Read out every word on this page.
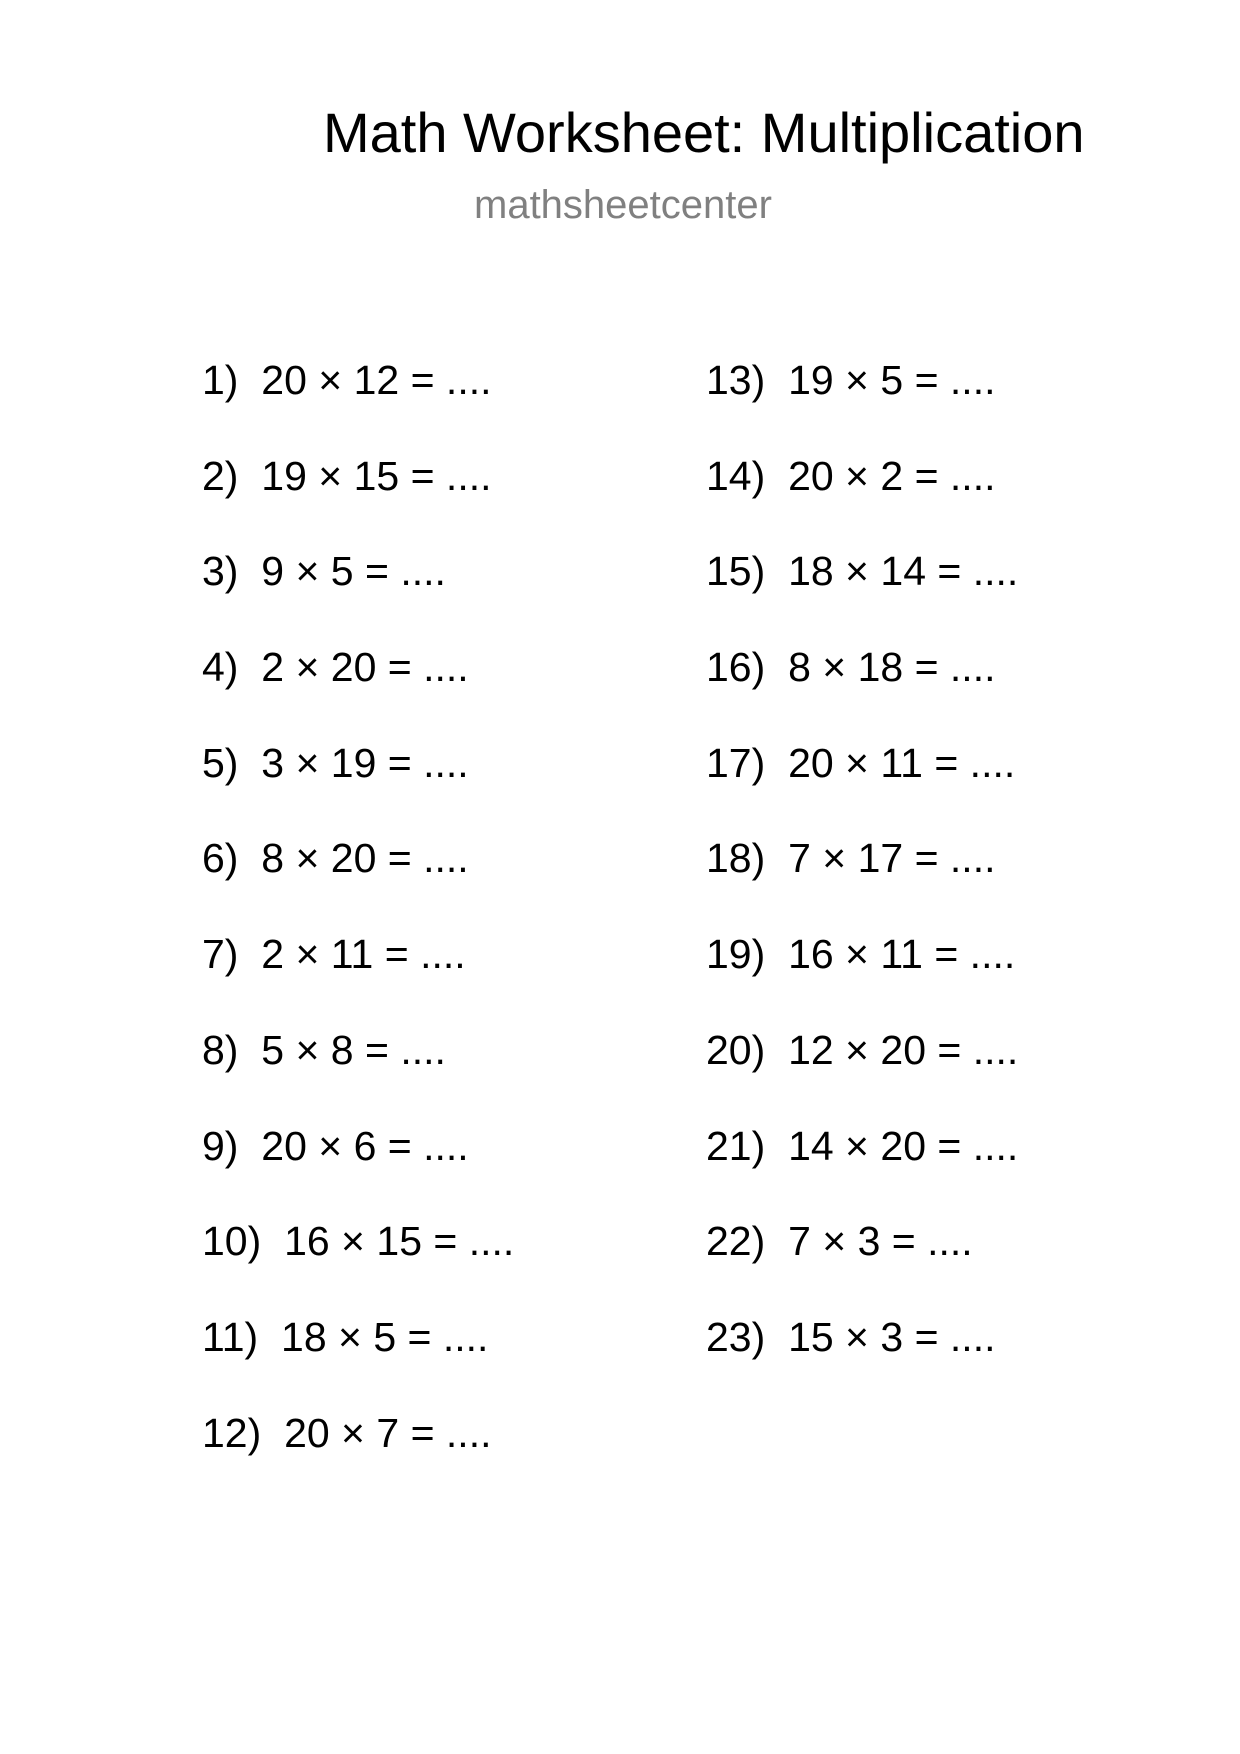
Math Worksheet: Multiplication
mathsheetcenter
1) 20 × 12 = ....
2) 19 × 15 = ....
3) 9 × 5 = ....
4) 2 × 20 = ....
5) 3 × 19 = ....
6) 8 × 20 = ....
7) 2 × 11 = ....
8) 5 × 8 = ....
9) 20 × 6 = ....
10) 16 × 15 = ....
11) 18 × 5 = ....
12) 20 × 7 = ....
13) 19 × 5 = ....
14) 20 × 2 = ....
15) 18 × 14 = ....
16) 8 × 18 = ....
17) 20 × 11 = ....
18) 7 × 17 = ....
19) 16 × 11 = ....
20) 12 × 20 = ....
21) 14 × 20 = ....
22) 7 × 3 = ....
23) 15 × 3 = ....
